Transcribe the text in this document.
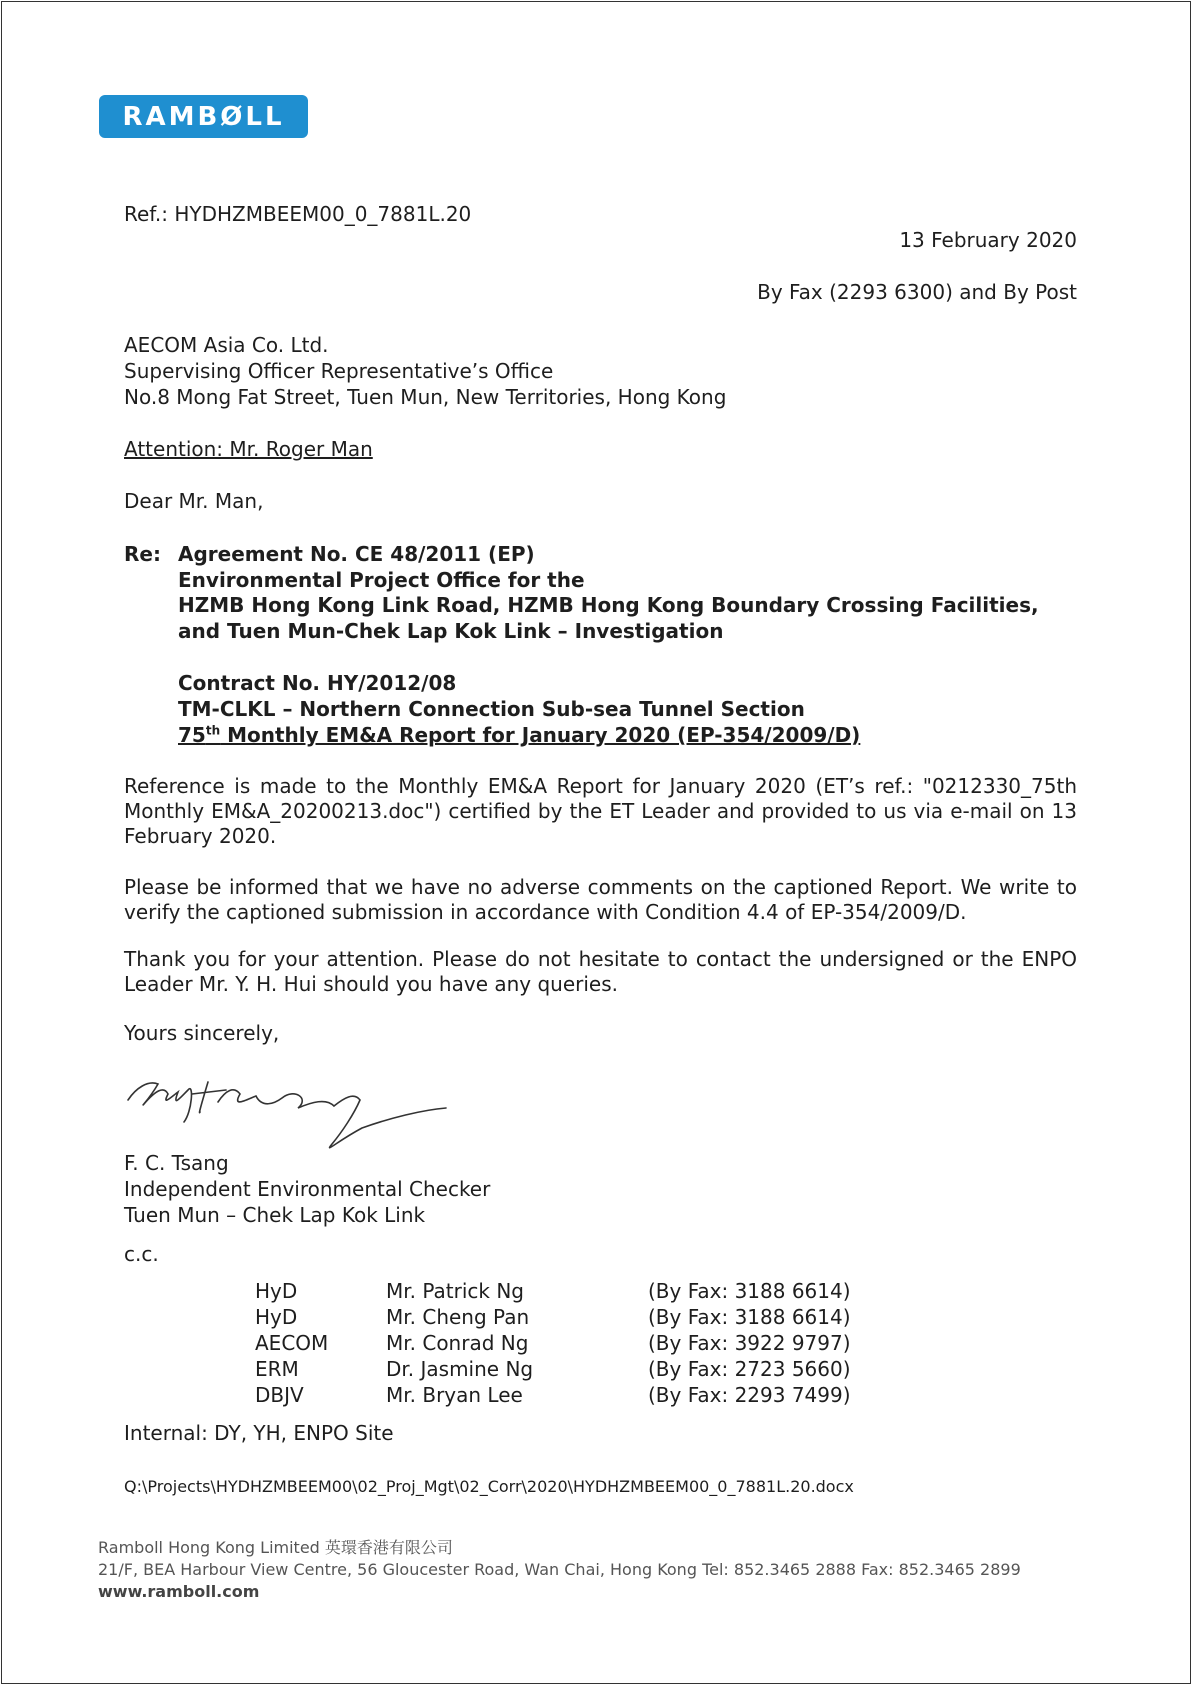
RAMBØLL
Ref.: HYDHZMBEEM00_0_7881L.20
13 February 2020
By Fax (2293 6300) and By Post
AECOM Asia Co. Ltd.
Supervising Officer Representative’s Office
No.8 Mong Fat Street, Tuen Mun, New Territories, Hong Kong
Attention: Mr. Roger Man
Dear Mr. Man,
Re: Agreement No. CE 48/2011 (EP)
Environmental Project Office for the
HZMB Hong Kong Link Road, HZMB Hong Kong Boundary Crossing Facilities,
and Tuen Mun-Chek Lap Kok Link – Investigation
Contract No. HY/2012/08
TM-CLKL – Northern Connection Sub-sea Tunnel Section
75th Monthly EM&A Report for January 2020 (EP-354/2009/D)
Reference is made to the Monthly EM&A Report for January 2020 (ET’s ref.: "0212330_75th Monthly EM&A_20200213.doc") certified by the ET Leader and provided to us via e-mail on 13 February 2020.
Please be informed that we have no adverse comments on the captioned Report. We write to verify the captioned submission in accordance with Condition 4.4 of EP-354/2009/D.
Thank you for your attention. Please do not hesitate to contact the undersigned or the ENPO Leader Mr. Y. H. Hui should you have any queries.
Yours sincerely,
F. C. Tsang
Independent Environmental Checker
Tuen Mun – Chek Lap Kok Link
c.c.
HyD	Mr. Patrick Ng	(By Fax: 3188 6614)
HyD	Mr. Cheng Pan	(By Fax: 3188 6614)
AECOM	Mr. Conrad Ng	(By Fax: 3922 9797)
ERM	Dr. Jasmine Ng	(By Fax: 2723 5660)
DBJV	Mr. Bryan Lee	(By Fax: 2293 7499)
Internal: DY, YH, ENPO Site
Q:\Projects\HYDHZMBEEM00\02_Proj_Mgt\02_Corr\2020\HYDHZMBEEM00_0_7881L.20.docx
Ramboll Hong Kong Limited 英環香港有限公司
21/F, BEA Harbour View Centre, 56 Gloucester Road, Wan Chai, Hong Kong Tel: 852.3465 2888 Fax: 852.3465 2899
www.ramboll.com
